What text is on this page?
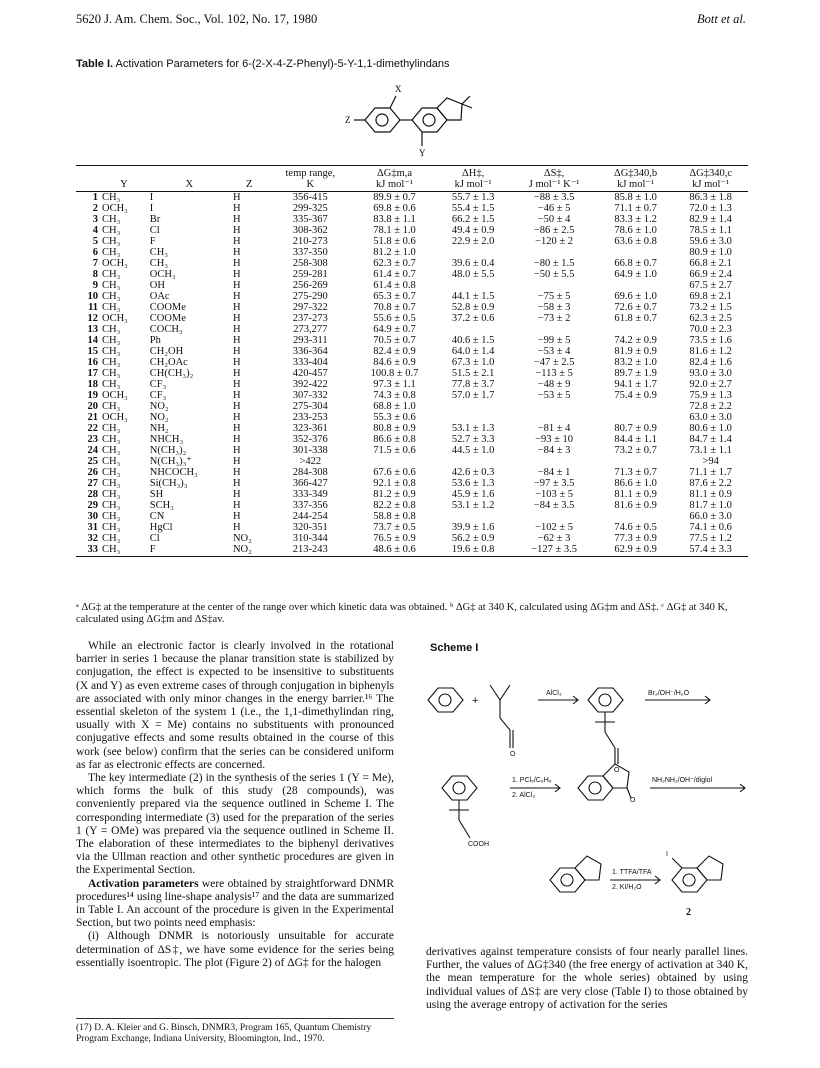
5620 J. Am. Chem. Soc., Vol. 102, No. 17, 1980	Bott et al.
Table I. Activation Parameters for 6-(2-X-4-Z-Phenyl)-5-Y-1,1-dimethylindans
X
Y
Z
				temp range,	ΔG‡m,a	ΔH‡,	ΔS‡,	ΔG‡340,b	ΔG‡340,c
	Y	X	Z	K	kJ mol⁻¹	kJ mol⁻¹	J mol⁻¹ K⁻¹	kJ mol⁻¹	kJ mol⁻¹
1	CH₃	I	H	356-415	89.9 ± 0.7	55.7 ± 1.3	−88 ± 3.5	85.8 ± 1.0	86.3 ± 1.8
2	OCH₃	I	H	299-325	69.8 ± 0.6	55.4 ± 1.5	−46 ± 5	71.1 ± 0.7	72.0 ± 1.3
3	CH₃	Br	H	335-367	83.8 ± 1.1	66.2 ± 1.5	−50 ± 4	83.3 ± 1.2	82.9 ± 1.4
4	CH₃	Cl	H	308-362	78.1 ± 1.0	49.4 ± 0.9	−86 ± 2.5	78.6 ± 1.0	78.5 ± 1.1
5	CH₃	F	H	210-273	51.8 ± 0.6	22.9 ± 2.0	−120 ± 2	63.6 ± 0.8	59.6 ± 3.0
6	CH₃	CH₃	H	337-350	81.2 ± 1.0				80.9 ± 1.0
7	OCH₃	CH₃	H	258-308	62.3 ± 0.7	39.6 ± 0.4	−80 ± 1.5	66.8 ± 0.7	66.8 ± 2.1
8	CH₃	OCH₃	H	259-281	61.4 ± 0.7	48.0 ± 5.5	−50 ± 5.5	64.9 ± 1.0	66.9 ± 2.4
9	CH₃	OH	H	256-269	61.4 ± 0.8				67.5 ± 2.7
10	CH₃	OAc	H	275-290	65.3 ± 0.7	44.1 ± 1.5	−75 ± 5	69.6 ± 1.0	69.8 ± 2.1
11	CH₃	COOMe	H	297-322	70.8 ± 0.7	52.8 ± 0.9	−58 ± 3	72.6 ± 0.7	73.2 ± 1.5
12	OCH₃	COOMe	H	237-273	55.6 ± 0.5	37.2 ± 0.6	−73 ± 2	61.8 ± 0.7	62.3 ± 2.5
13	CH₃	COCH₃	H	273,277	64.9 ± 0.7				70.0 ± 2.3
14	CH₃	Ph	H	293-311	70.5 ± 0.7	40.6 ± 1.5	−99 ± 5	74.2 ± 0.9	73.5 ± 1.6
15	CH₃	CH₂OH	H	336-364	82.4 ± 0.9	64.0 ± 1.4	−53 ± 4	81.9 ± 0.9	81.6 ± 1.2
16	CH₃	CH₂OAc	H	333-404	84.6 ± 0.9	67.3 ± 1.0	−47 ± 2.5	83.2 ± 1.0	82.4 ± 1.6
17	CH₃	CH(CH₃)₂	H	420-457	100.8 ± 0.7	51.5 ± 2.1	−113 ± 5	89.7 ± 1.9	93.0 ± 3.0
18	CH₃	CF₃	H	392-422	97.3 ± 1.1	77.8 ± 3.7	−48 ± 9	94.1 ± 1.7	92.0 ± 2.7
19	OCH₃	CF₃	H	307-332	74.3 ± 0.8	57.0 ± 1.7	−53 ± 5	75.4 ± 0.9	75.9 ± 1.3
20	CH₃	NO₂	H	275-304	68.8 ± 1.0				72.8 ± 2.2
21	OCH₃	NO₂	H	233-253	55.3 ± 0.6				63.0 ± 3.0
22	CH₃	NH₂	H	323-361	80.8 ± 0.9	53.1 ± 1.3	−81 ± 4	80.7 ± 0.9	80.6 ± 1.0
23	CH₃	NHCH₃	H	352-376	86.6 ± 0.8	52.7 ± 3.3	−93 ± 10	84.4 ± 1.1	84.7 ± 1.4
24	CH₃	N(CH₃)₂	H	301-338	71.5 ± 0.6	44.5 ± 1.0	−84 ± 3	73.2 ± 0.7	73.1 ± 1.1
25	CH₃	N(CH₃)₃⁺	H	>422					>94
26	CH₃	NHCOCH₃	H	284-308	67.6 ± 0.6	42.6 ± 0.3	−84 ± 1	71.3 ± 0.7	71.1 ± 1.7
27	CH₃	Si(CH₃)₃	H	366-427	92.1 ± 0.8	53.6 ± 1.3	−97 ± 3.5	86.6 ± 1.0	87.6 ± 2.2
28	CH₃	SH	H	333-349	81.2 ± 0.9	45.9 ± 1.6	−103 ± 5	81.1 ± 0.9	81.1 ± 0.9
29	CH₃	SCH₃	H	337-356	82.2 ± 0.8	53.1 ± 1.2	−84 ± 3.5	81.6 ± 0.9	81.7 ± 1.0
30	CH₃	CN	H	244-254	58.8 ± 0.8				66.0 ± 3.0
31	CH₃	HgCl	H	320-351	73.7 ± 0.5	39.9 ± 1.6	−102 ± 5	74.6 ± 0.5	74.1 ± 0.6
32	CH₃	Cl	NO₂	310-344	76.5 ± 0.9	56.2 ± 0.9	−62 ± 3	77.3 ± 0.9	77.5 ± 1.2
33	CH₃	F	NO₂	213-243	48.6 ± 0.6	19.6 ± 0.8	−127 ± 3.5	62.9 ± 0.9	57.4 ± 3.3
ᵃ ΔG‡ at the temperature at the center of the range over which kinetic data was obtained. ᵇ ΔG‡ at 340 K, calculated using ΔG‡m and ΔS‡. ᶜ ΔG‡ at 340 K, calculated using ΔG‡m and ΔS‡av.

While an electronic factor is clearly involved in the rotational barrier in series 1 because the planar transition state is stabilized by conjugation, the effect is expected to be insensitive to substituents (X and Y) as even extreme cases of through conjugation in biphenyls are associated with only minor changes in the energy barrier.¹⁶ The essential skeleton of the system 1 (i.e., the 1,1-dimethylindan ring, usually with X = Me) contains no substituents with pronounced conjugative effects and some results obtained in the course of this work (see below) confirm that the series can be considered uniform as far as electronic effects are concerned.

The key intermediate (2) in the synthesis of the series 1 (Y = Me), which forms the bulk of this study (28 compounds), was conveniently prepared via the sequence outlined in Scheme I. The corresponding intermediate (3) used for the preparation of the series 1 (Y = OMe) was prepared via the sequence outlined in Scheme II. The elaboration of these intermediates to the biphenyl derivatives via the Ullman reaction and other synthetic procedures are given in the Experimental Section.

Activation parameters were obtained by straightforward DNMR procedures¹⁴ using line-shape analysis¹⁷ and the data are summarized in Table I. An account of the procedure is given in the Experimental Section, but two points need emphasis:

(i) Although DNMR is notoriously unsuitable for accurate determination of ΔS‡, we have some evidence for the series being essentially isoentropic. The plot (Figure 2) of ΔG‡ for the halogen

(17) D. A. Kleier and G. Binsch, DNMR3, Program 165, Quantum Chemistry Program Exchange, Indiana University, Bloomington, Ind., 1970.
Scheme I
+
AlCl₃	Br₂/OH⁻/H₂O
O
O
COOH
1. PCl₅/C₆H₆
2. AlCl₃
O
NH₂NH₂/OH⁻/diglol
1. TTFA/TFA
2. KI/H₂O
I
2

derivatives against temperature consists of four nearly parallel lines. Further, the values of ΔG‡340 (the free energy of activation at 340 K, the mean temperature for the whole series) obtained by using individual values of ΔS‡ are very close (Table I) to those obtained by using the average entropy of activation for the series
